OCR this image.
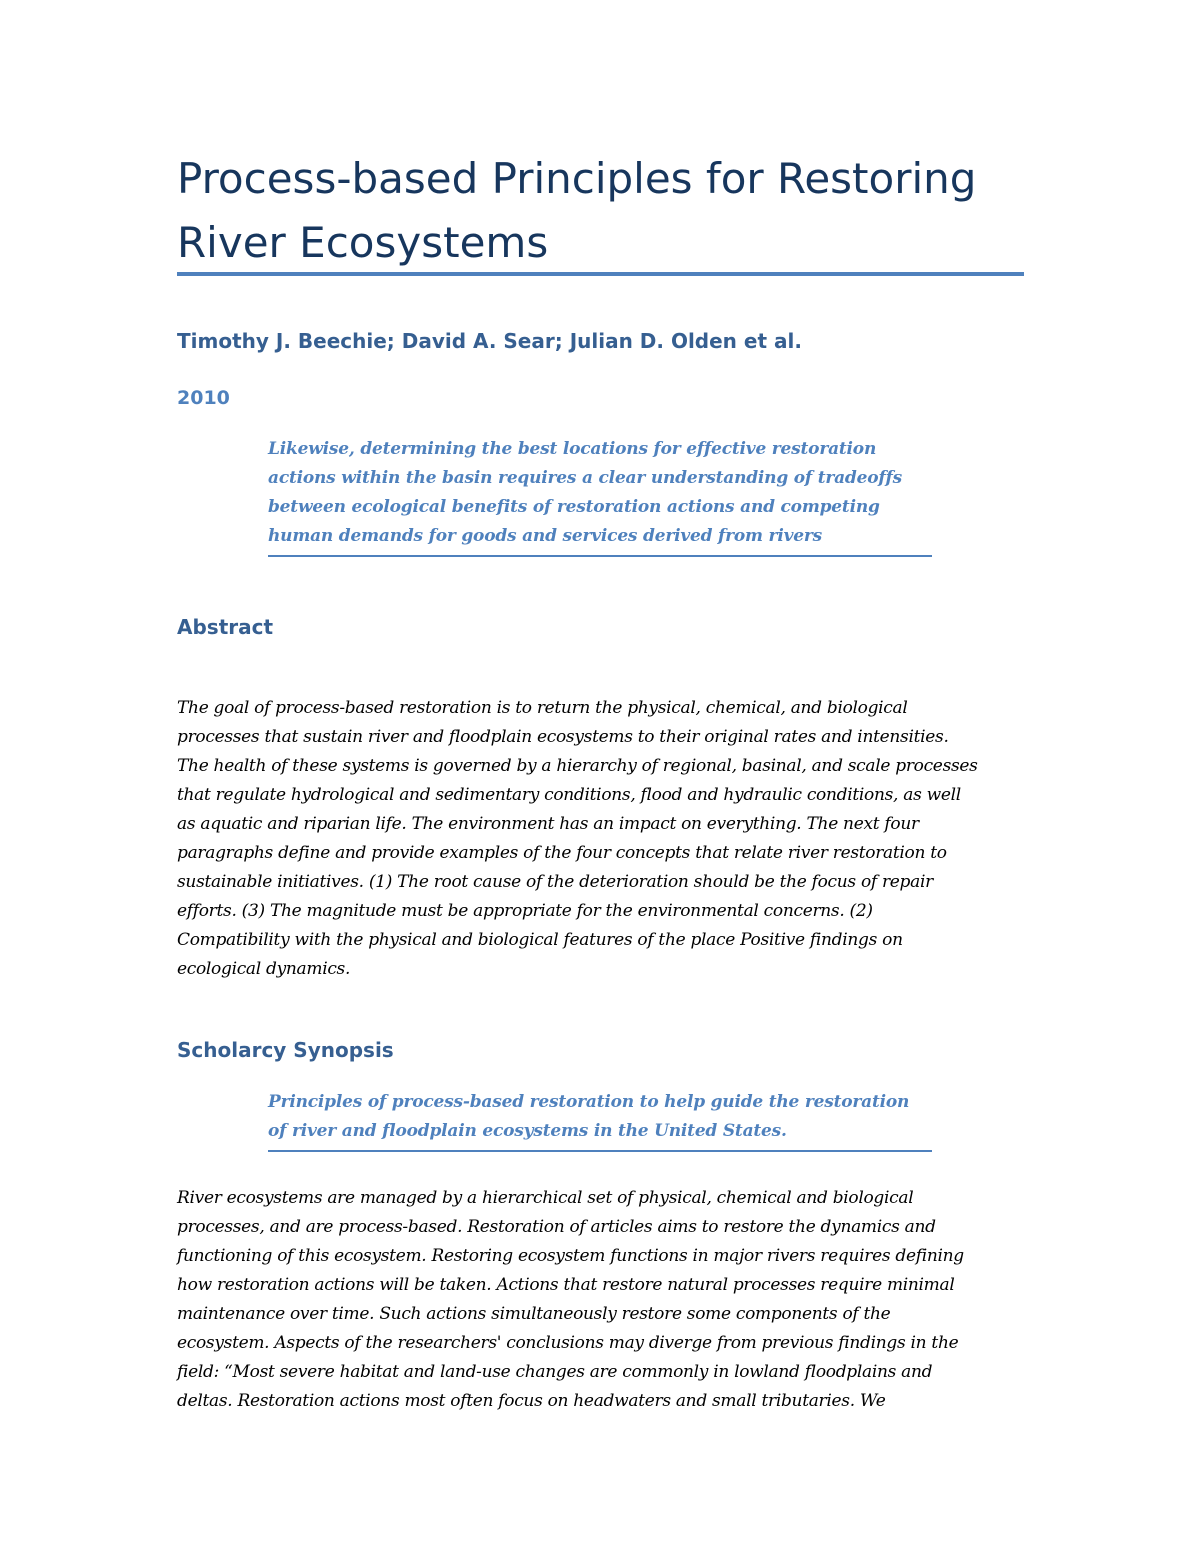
Process-based Principles for Restoring
River Ecosystems

Timothy J. Beechie; David A. Sear; Julian D. Olden et al.

2010

Likewise, determining the best locations for effective restoration
actions within the basin requires a clear understanding of tradeoffs
between ecological benefits of restoration actions and competing
human demands for goods and services derived from rivers
Abstract
The goal of process-based restoration is to return the physical, chemical, and biological
processes that sustain river and floodplain ecosystems to their original rates and intensities.
The health of these systems is governed by a hierarchy of regional, basinal, and scale processes
that regulate hydrological and sedimentary conditions, flood and hydraulic conditions, as well
as aquatic and riparian life. The environment has an impact on everything. The next four
paragraphs define and provide examples of the four concepts that relate river restoration to
sustainable initiatives. (1) The root cause of the deterioration should be the focus of repair
efforts. (3) The magnitude must be appropriate for the environmental concerns. (2)
Compatibility with the physical and biological features of the place Positive findings on
ecological dynamics.
Scholarcy Synopsis
Principles of process-based restoration to help guide the restoration
of river and floodplain ecosystems in the United States.
River ecosystems are managed by a hierarchical set of physical, chemical and biological
processes, and are process-based. Restoration of articles aims to restore the dynamics and
functioning of this ecosystem. Restoring ecosystem functions in major rivers requires defining
how restoration actions will be taken. Actions that restore natural processes require minimal
maintenance over time. Such actions simultaneously restore some components of the
ecosystem. Aspects of the researchers' conclusions may diverge from previous findings in the
field: “Most severe habitat and land-use changes are commonly in lowland floodplains and
deltas. Restoration actions most often focus on headwaters and small tributaries. We
